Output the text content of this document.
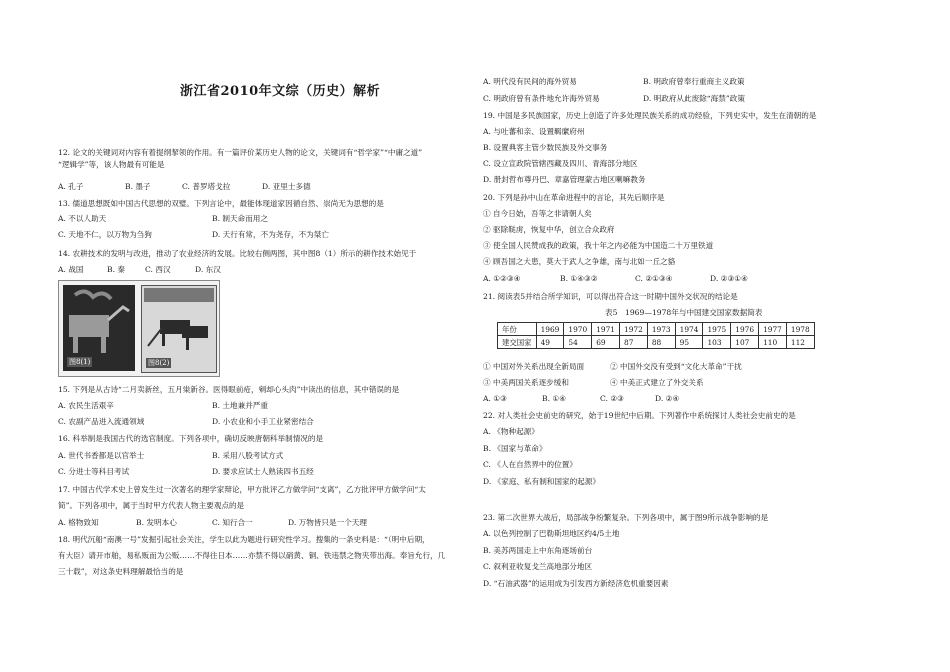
浙江省2010年文综（历史）解析
12. 论文的关键词对内容有着提纲挈领的作用。有一篇评价某历史人物的论文，关键词有“哲学家”“中庸之道”
“逻辑学”等，该人物最有可能是
A. 孔子	B. 墨子	C. 普罗塔戈拉	D. 亚里士多德
13. 儒道思想既如中国古代思想的双璧。下列言论中，最能体现道家因循自然、崇尚无为思想的是
A. 不以人助天	B. 制天命而用之
C. 天地不仁，以万物为刍狗	D. 天行有常，不为尧存，不为桀亡
14. 农耕技术的发明与改进，推动了农业经济的发展。比较右侧两图，其中图8（1）所示的耕作技术始见于
A. 战国	B. 秦	C. 西汉	D. 东汉
图8(1)	图8(2)
15. 下列是从古诗“二月卖新丝，五月粜新谷。医得眼前疮，剜却心头肉”中读出的信息，其中错误的是
A. 农民生活艰辛	B. 土地兼并严重
C. 农副产品进入流通领域	D. 小农业和小手工业紧密结合
16. 科举制是我国古代的选官制度。下列各项中，确切反映唐朝科举制情况的是
A. 世代书香都是以官举士	B. 采用八股考试方式
C. 分进士等科目考试	D. 要求应试士人熟读四书五经
17. 中国古代学术史上曾发生过一次著名的理学家辩论，甲方批评乙方做学问“支离”，乙方批评甲方做学问“太
简”。下列各项中，属于当时甲方代表人物主要观点的是
A. 格物致知	B. 发明本心	C. 知行合一	D. 万物皆只是一个天理
18. 明代沉船“南澳一号”发掘引起社会关注，学生以此为题进行研究性学习。搜集的一条史料是：“（明中后期，
有大臣）请开市舶，易私贩而为公贩……不得往日本……亦禁不得以硝黄、铜、铁违禁之物夹带出海。奉旨允行，几
三十载”，对这条史料理解最恰当的是
A. 明代没有民间的海外贸易	B. 明政府曾奉行重商主义政策
C. 明政府曾有条件地允许海外贸易	D. 明政府从此废除“海禁”政策
19. 中国是多民族国家，历史上创造了许多处理民族关系的成功经验，下列史实中，发生在清朝的是
A. 与吐蕃和亲、设置羁縻府州
B. 设置典客主管少数民族及外交事务
C. 设立宣政院管辖西藏及四川、青海部分地区
D. 册封哲布尊丹巴、章嘉管理蒙古地区喇嘛教务
20. 下列是孙中山在革命进程中的言论，其先后顺序是
① 自今日始，吾等之非请朝人矣
② 驱除鞑虏，恢复中华，创立合众政府
③ 使全国人民赞成我的政策，我十年之内必能为中国造二十万里铁道
④ 顾吾国之大患，莫大于武人之争雄，南与北如一丘之貉
A. ①②③④	B. ①④③②	C. ②①③④	D. ②③①④
21. 阅读表5并结合所学知识，可以得出符合这一时期中国外交状况的结论是
表5　1969—1978年与中国建交国家数据简表
年份	1969	1970	1971	1972	1973	1974	1975	1976	1977	1978
建交国家	49	54	69	87	88	95	103	107	110	112
① 中国对外关系出现全新局面	② 中国外交没有受到“文化大革命”干扰
③ 中美两国关系逐步缓和	④ 中美正式建立了外交关系
A. ①③	B. ①④	C. ②③	D. ②④
22. 对人类社会史前史的研究，始于19世纪中后期。下列著作中系统探讨人类社会史前史的是
A. 《物种起源》
B. 《国家与革命》
C. 《人在自然界中的位置》
D. 《家庭、私有制和国家的起源》
23. 第二次世界大战后，局部战争纷繁复杂。下列各项中，属于图9所示战争影响的是
A. 以色列控制了巴勒斯坦地区约4/5土地
B. 美苏两国走上中东角逐场前台
C. 叙利亚收复戈兰高地部分地区
D. “石油武器”的运用成为引发西方新经济危机重要因素
